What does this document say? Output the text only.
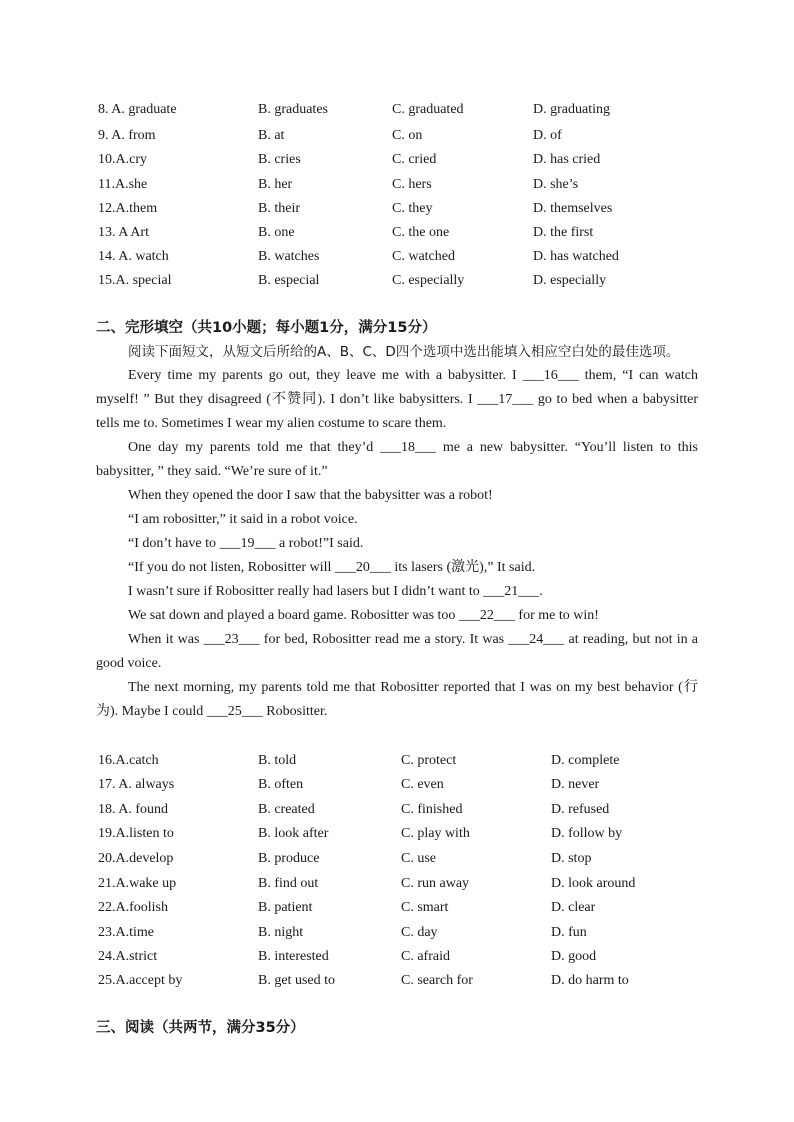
8. A. graduate	B. graduates	C. graduated	D. graduating
9. A. from	B. at	C. on	D. of
10.A.cry	B. cries	C. cried	D. has cried
11.A.she	B. her	C. hers	D. she’s
12.A.them	B. their	C. they	D. themselves
13. A Art	B. one	C. the one	D. the first
14. A. watch	B. watches	C. watched	D. has watched
15.A. special	B. especial	C. especially	D. especially
二、完形填空（共10小题；每小题1分，满分15分）

阅读下面短文，从短文后所给的A、B、C、D四个选项中选出能填入相应空白处的最佳选项。

Every time my parents go out, they leave me with a babysitter. I ___16___ them, “I can watch myself! ” But they disagreed (不赞同). I don’t like babysitters. I ___17___ go to bed when a babysitter tells me to. Sometimes I wear my alien costume to scare them.

One day my parents told me that they’d ___18___ me a new babysitter. “You’ll listen to this babysitter, ” they said. “We’re sure of it.”

When they opened the door I saw that the babysitter was a robot!

“I am robositter,” it said in a robot voice.

“I don’t have to ___19___ a robot!”I said.

“If you do not listen, Robositter will ___20___ its lasers (激光),” It said.

I wasn’t sure if Robositter really had lasers but I didn’t want to ___21___.

We sat down and played a board game. Robositter was too ___22___ for me to win!

When it was ___23___ for bed, Robositter read me a story. It was ___24___ at reading, but not in a good voice.

The next morning, my parents told me that Robositter reported that I was on my best behavior (行为). Maybe I could ___25___ Robositter.

16.A.catch	B. told	C. protect	D. complete
17. A. always	B. often	C. even	D. never
18. A. found	B. created	C. finished	D. refused
19.A.listen to	B. look after	C. play with	D. follow by
20.A.develop	B. produce	C. use	D. stop
21.A.wake up	B. find out	C. run away	D. look around
22.A.foolish	B. patient	C. smart	D. clear
23.A.time	B. night	C. day	D. fun
24.A.strict	B. interested	C. afraid	D. good
25.A.accept by	B. get used to	C. search for	D. do harm to
三、阅读（共两节，满分35分）
